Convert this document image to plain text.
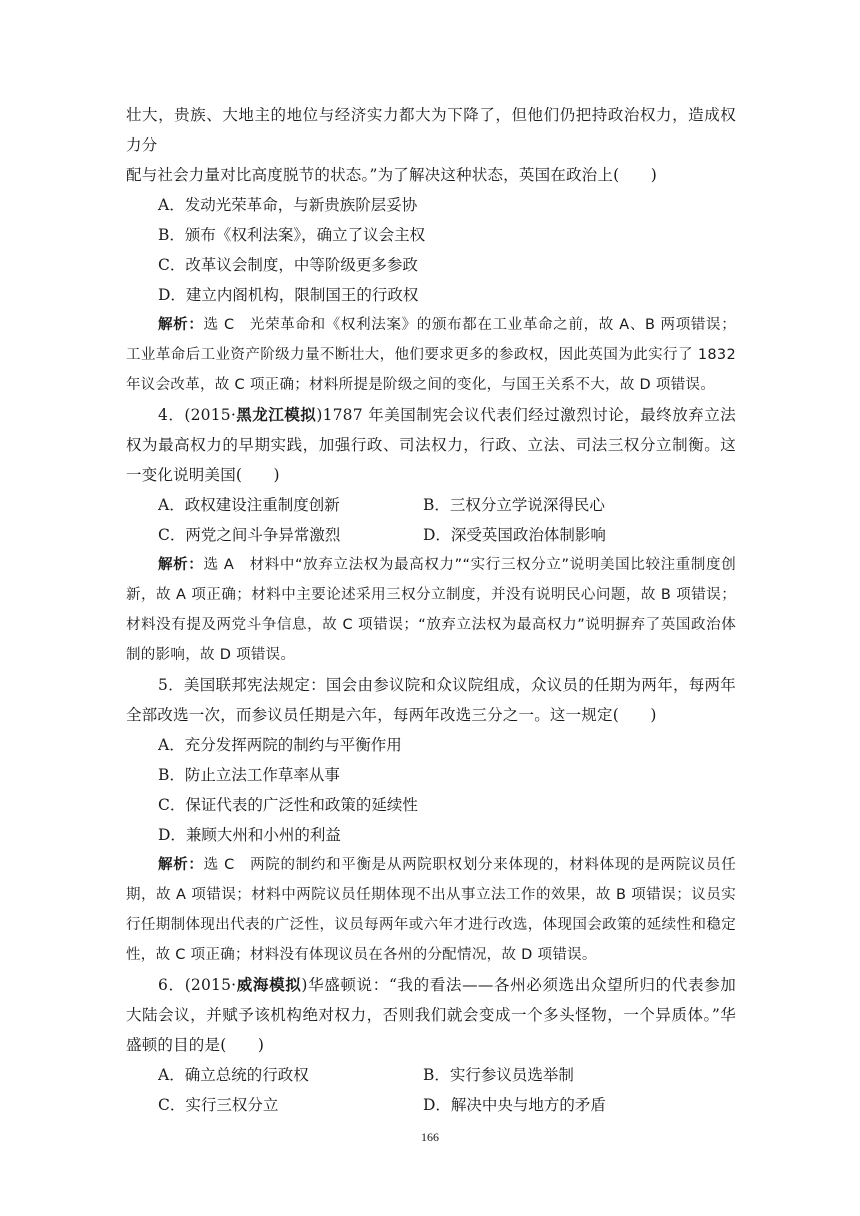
壮大，贵族、大地主的地位与经济实力都大为下降了，但他们仍把持政治权力，造成权力分
配与社会力量对比高度脱节的状态。”为了解决这种状态，英国在政治上(　　)

A．发动光荣革命，与新贵族阶层妥协

B．颁布《权利法案》，确立了议会主权

C．改革议会制度，中等阶级更多参政

D．建立内阁机构，限制国王的行政权

解析：选 C　光荣革命和《权利法案》的颁布都在工业革命之前，故 A、B 两项错误；工业革命后工业资产阶级力量不断壮大，他们要求更多的参政权，因此英国为此实行了 1832 年议会改革，故 C 项正确；材料所提是阶级之间的变化，与国王关系不大，故 D 项错误。

4．(2015·黑龙江模拟)1787 年美国制宪会议代表们经过激烈讨论，最终放弃立法权为最高权力的早期实践，加强行政、司法权力，行政、立法、司法三权分立制衡。这一变化说明美国(　　)

A．政权建设注重制度创新	B．三权分立学说深得民心
C．两党之间斗争异常激烈	D．深受英国政治体制影响

解析：选 A　材料中“放弃立法权为最高权力”“实行三权分立”说明美国比较注重制度创新，故 A 项正确；材料中主要论述采用三权分立制度，并没有说明民心问题，故 B 项错误；材料没有提及两党斗争信息，故 C 项错误；“放弃立法权为最高权力”说明摒弃了英国政治体制的影响，故 D 项错误。

5．美国联邦宪法规定：国会由参议院和众议院组成，众议员的任期为两年，每两年全部改选一次，而参议员任期是六年，每两年改选三分之一。这一规定(　　)

A．充分发挥两院的制约与平衡作用

B．防止立法工作草率从事

C．保证代表的广泛性和政策的延续性

D．兼顾大州和小州的利益

解析：选 C　两院的制约和平衡是从两院职权划分来体现的，材料体现的是两院议员任期，故 A 项错误；材料中两院议员任期体现不出从事立法工作的效果，故 B 项错误；议员实行任期制体现出代表的广泛性，议员每两年或六年才进行改选，体现国会政策的延续性和稳定性，故 C 项正确；材料没有体现议员在各州的分配情况，故 D 项错误。

6．(2015·威海模拟)华盛顿说：“我的看法——各州必须选出众望所归的代表参加大陆会议，并赋予该机构绝对权力，否则我们就会变成一个多头怪物，一个异质体。”华盛顿的目的是(　　)

A．确立总统的行政权	B．实行参议员选举制
C．实行三权分立	D．解决中央与地方的矛盾
166
